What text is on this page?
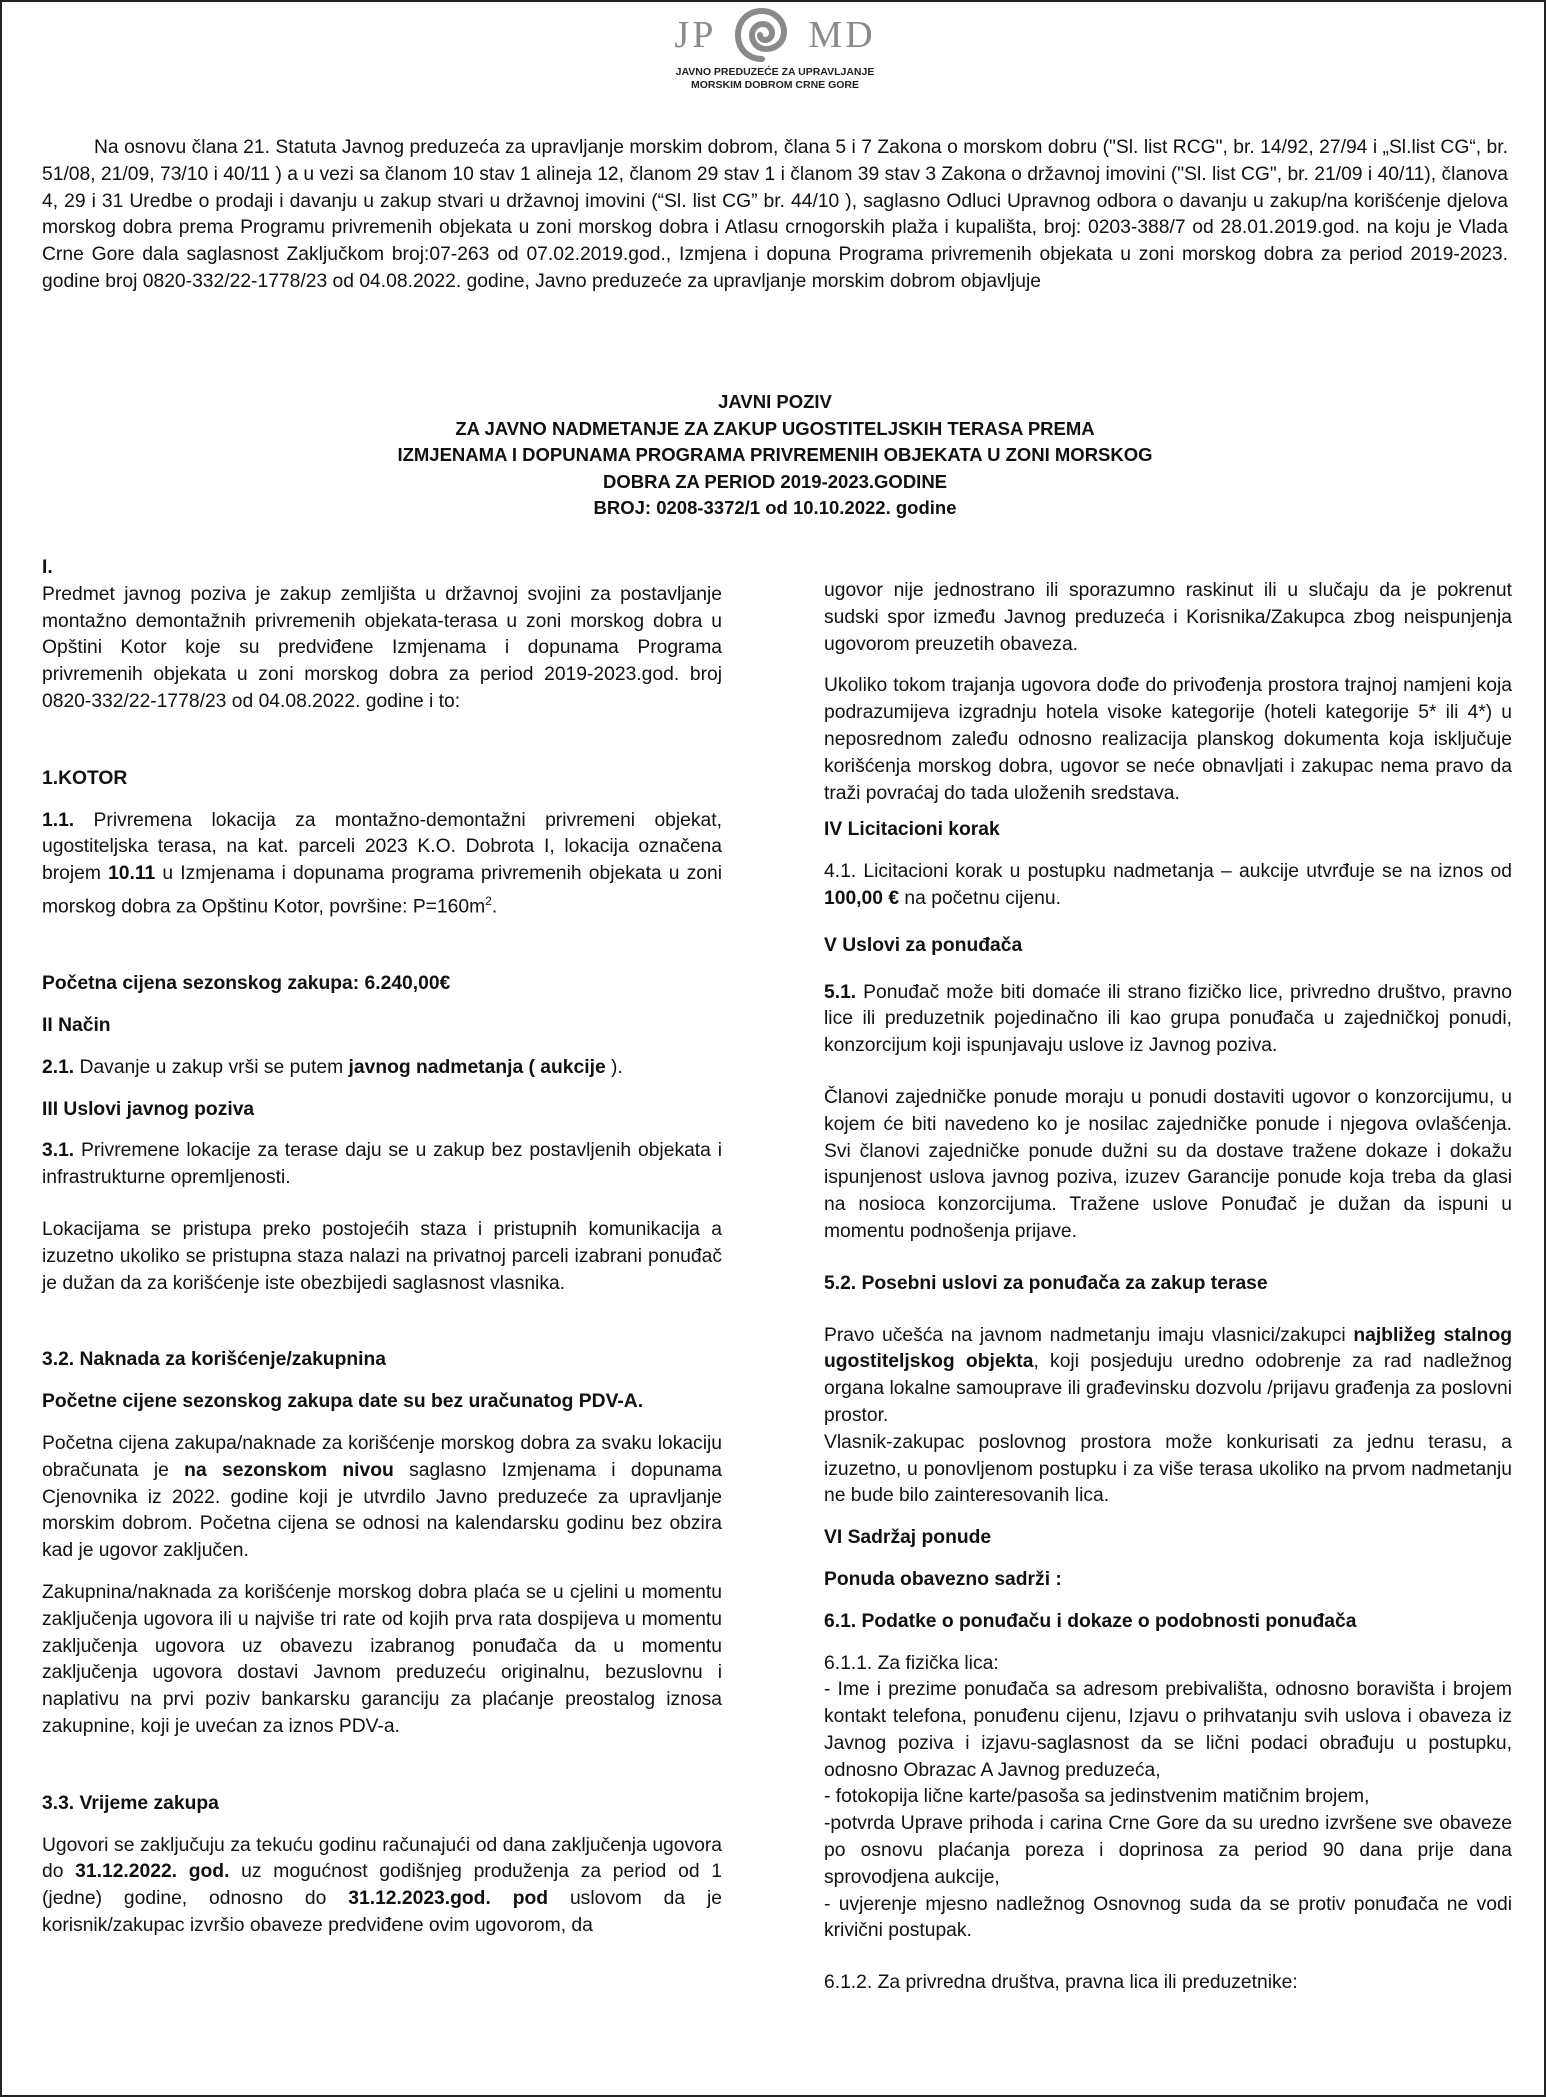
JP MD
JAVNO PREDUZEĆE ZA UPRAVLJANJE
MORSKIM DOBROM CRNE GORE

Na osnovu člana 21. Statuta Javnog preduzeća za upravljanje morskim dobrom, člana 5 i 7 Zakona o morskom dobru ("Sl. list RCG", br. 14/92, 27/94 i „Sl.list CG“, br. 51/08, 21/09, 73/10 i 40/11 ) a u vezi sa članom 10 stav 1 alineja 12, članom 29 stav 1 i članom 39 stav 3 Zakona o državnoj imovini ("Sl. list CG", br. 21/09 i 40/11), članova 4, 29 i 31 Uredbe o prodaji i davanju u zakup stvari u državnoj imovini (“Sl. list CG” br. 44/10 ), saglasno Odluci Upravnog odbora o davanju u zakup/na korišćenje djelova morskog dobra prema Programu privremenih objekata u zoni morskog dobra i Atlasu crnogorskih plaža i kupališta, broj: 0203-388/7 od 28.01.2019.god. na koju je Vlada Crne Gore dala saglasnost Zaključkom broj:07-263 od 07.02.2019.god., Izmjena i dopuna Programa privremenih objekata u zoni morskog dobra za period 2019-2023. godine broj 0820-332/22-1778/23 od 04.08.2022. godine, Javno preduzeće za upravljanje morskim dobrom objavljuje

JAVNI POZIV
ZA JAVNO NADMETANJE ZA ZAKUP UGOSTITELJSKIH TERASA PREMA
IZMJENAMA I DOPUNAMA PROGRAMA PRIVREMENIH OBJEKATA U ZONI MORSKOG
DOBRA ZA PERIOD 2019-2023.GODINE
BROJ: 0208-3372/1 od 10.10.2022. godine

I.

Predmet javnog poziva je zakup zemljišta u državnoj svojini za postavljanje montažno demontažnih privremenih objekata-terasa u zoni morskog dobra u Opštini Kotor koje su predviđene Izmjenama i dopunama Programa privremenih objekata u zoni morskog dobra za period 2019-2023.god. broj 0820-332/22-1778/23 od 04.08.2022. godine i to:

1.KOTOR

1.1. Privremena lokacija za montažno-demontažni privremeni objekat, ugostiteljska terasa, na kat. parceli 2023 K.O. Dobrota I, lokacija označena brojem 10.11 u Izmjenama i dopunama programa privremenih objekata u zoni morskog dobra za Opštinu Kotor, površine: $P=160m^2$.

Početna cijena sezonskog zakupa: 6.240,00€

II Način

2.1. Davanje u zakup vrši se putem javnog nadmetanja ( aukcije ).

III Uslovi javnog poziva

3.1. Privremene lokacije za terase daju se u zakup bez postavljenih objekata i infrastrukturne opremljenosti.

Lokacijama se pristupa preko postojećih staza i pristupnih komunikacija a izuzetno ukoliko se pristupna staza nalazi na privatnoj parceli izabrani ponuđač je dužan da za korišćenje iste obezbijedi saglasnost vlasnika.

3.2. Naknada za korišćenje/zakupnina

Početne cijene sezonskog zakupa date su bez uračunatog PDV-A.

Početna cijena zakupa/naknade za korišćenje morskog dobra za svaku lokaciju obračunata je na sezonskom nivou saglasno Izmjenama i dopunama Cjenovnika iz 2022. godine koji je utvrdilo Javno preduzeće za upravljanje morskim dobrom. Početna cijena se odnosi na kalendarsku godinu bez obzira kad je ugovor zaključen.

Zakupnina/naknada za korišćenje morskog dobra plaća se u cjelini u momentu zaključenja ugovora ili u najviše tri rate od kojih prva rata dospijeva u momentu zaključenja ugovora uz obavezu izabranog ponuđača da u momentu zaključenja ugovora dostavi Javnom preduzeću originalnu, bezuslovnu i naplativu na prvi poziv bankarsku garanciju za plaćanje preostalog iznosa zakupnine, koji je uvećan za iznos PDV-a.

3.3. Vrijeme zakupa

Ugovori se zaključuju za tekuću godinu računajući od dana zaključenja ugovora do 31.12.2022. god. uz mogućnost godišnjeg produženja za period od 1 (jedne) godine, odnosno do 31.12.2023.god. pod uslovom da je korisnik/zakupac izvršio obaveze predviđene ovim ugovorom, da

ugovor nije jednostrano ili sporazumno raskinut ili u slučaju da je pokrenut sudski spor između Javnog preduzeća i Korisnika/Zakupca zbog neispunjenja ugovorom preuzetih obaveza.

Ukoliko tokom trajanja ugovora dođe do privođenja prostora trajnoj namjeni koja podrazumijeva izgradnju hotela visoke kategorije (hoteli kategorije 5* ili 4*) u neposrednom zaleđu odnosno realizacija planskog dokumenta koja isključuje korišćenja morskog dobra, ugovor se neće obnavljati i zakupac nema pravo da traži povraćaj do tada uloženih sredstava.

IV Licitacioni korak

4.1. Licitacioni korak u postupku nadmetanja – aukcije utvrđuje se na iznos od 100,00 € na početnu cijenu.

V Uslovi za ponuđača

5.1. Ponuđač može biti domaće ili strano fizičko lice, privredno društvo, pravno lice ili preduzetnik pojedinačno ili kao grupa ponuđača u zajedničkoj ponudi, konzorcijum koji ispunjavaju uslove iz Javnog poziva.

Članovi zajedničke ponude moraju u ponudi dostaviti ugovor o konzorcijumu, u kojem će biti navedeno ko je nosilac zajedničke ponude i njegova ovlašćenja. Svi članovi zajedničke ponude dužni su da dostave tražene dokaze i dokažu ispunjenost uslova javnog poziva, izuzev Garancije ponude koja treba da glasi na nosioca konzorcijuma. Tražene uslove Ponuđač je dužan da ispuni u momentu podnošenja prijave.

5.2. Posebni uslovi za ponuđača za zakup terase

Pravo učešća na javnom nadmetanju imaju vlasnici/zakupci najbližeg stalnog ugostiteljskog objekta, koji posjeduju uredno odobrenje za rad nadležnog organa lokalne samouprave ili građevinsku dozvolu /prijavu građenja za poslovni prostor.

Vlasnik-zakupac poslovnog prostora može konkurisati za jednu terasu, a izuzetno, u ponovljenom postupku i za više terasa ukoliko na prvom nadmetanju ne bude bilo zainteresovanih lica.

VI Sadržaj ponude

Ponuda obavezno sadrži :

6.1. Podatke o ponuđaču i dokaze o podobnosti ponuđača

6.1.1. Za fizička lica:

- Ime i prezime ponuđača sa adresom prebivališta, odnosno boravišta i brojem kontakt telefona, ponuđenu cijenu, Izjavu o prihvatanju svih uslova i obaveza iz Javnog poziva i izjavu-saglasnost da se lični podaci obrađuju u postupku, odnosno Obrazac A Javnog preduzeća,

- fotokopija lične karte/pasoša sa jedinstvenim matičnim brojem,

-potvrda Uprave prihoda i carina Crne Gore da su uredno izvršene sve obaveze po osnovu plaćanja poreza i doprinosa za period 90 dana prije dana sprovodjena aukcije,

- uvjerenje mjesno nadležnog Osnovnog suda da se protiv ponuđača ne vodi krivični postupak.

6.1.2. Za privredna društva, pravna lica ili preduzetnike:
